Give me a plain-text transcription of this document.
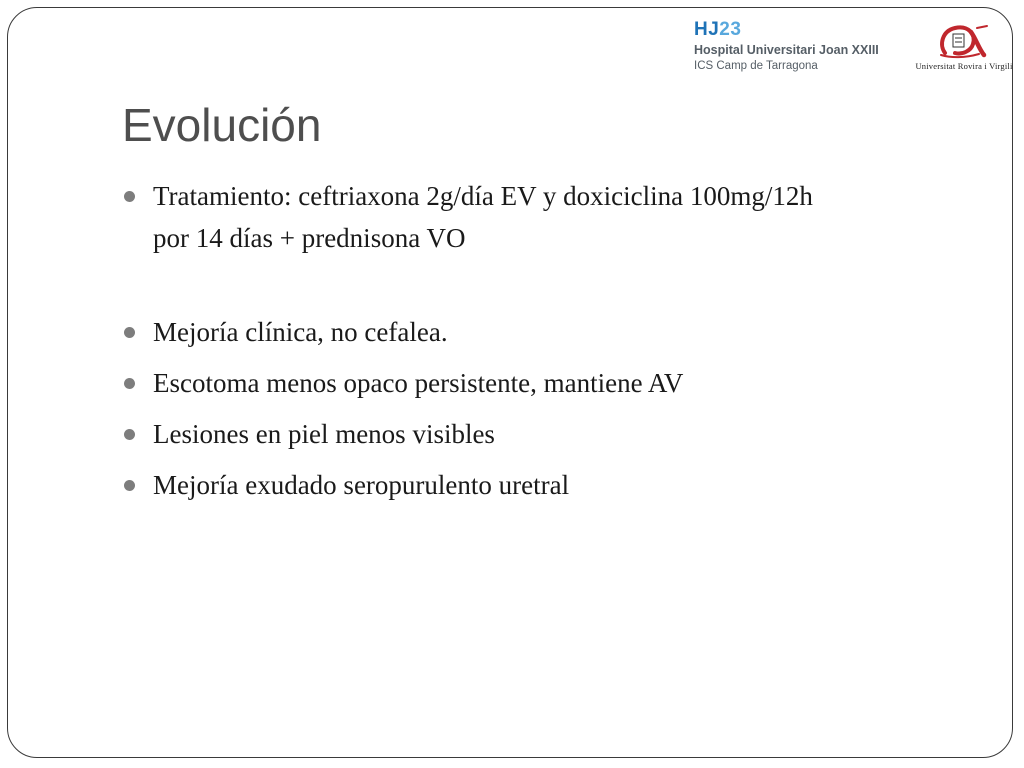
HJ23
Hospital Universitari Joan XXIII
ICS Camp de Tarragona	Universitat Rovira i Virgili
Evolución
Tratamiento: ceftriaxona 2g/día EV y doxiciclina 100mg/12h por 14 días + prednisona VO
Mejoría clínica, no cefalea.
Escotoma menos opaco persistente, mantiene AV
Lesiones en piel menos visibles
Mejoría exudado seropurulento uretral
